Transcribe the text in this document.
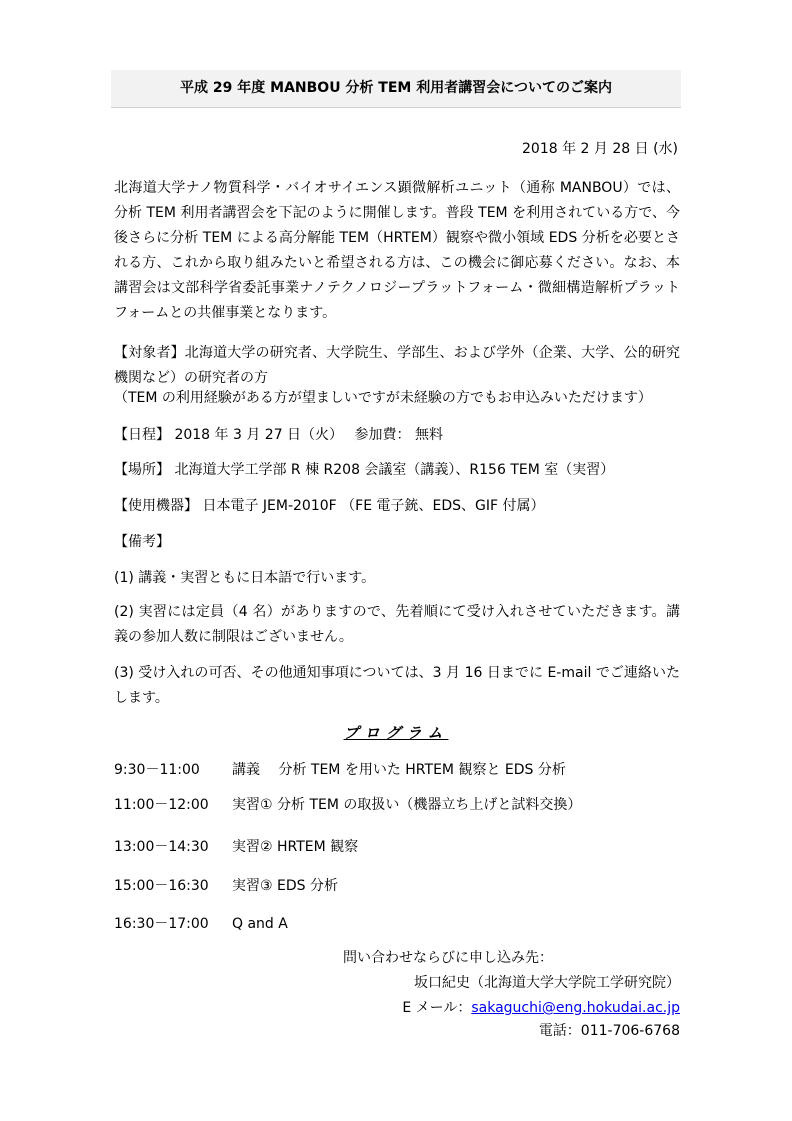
平成 29 年度 MANBOU 分析 TEM 利用者講習会についてのご案内
2018 年 2 月 28 日 (水)

北海道大学ナノ物質科学・バイオサイエンス顕微解析ユニット（通称 MANBOU）では、分析 TEM 利用者講習会を下記のように開催します。普段 TEM を利用されている方で、今後さらに分析 TEM による高分解能 TEM（HRTEM）観察や微小領域 EDS 分析を必要とされる方、これから取り組みたいと希望される方は、この機会に御応募ください。なお、本講習会は文部科学省委託事業ナノテクノロジープラットフォーム・微細構造解析プラットフォームとの共催事業となります。

【対象者】北海道大学の研究者、大学院生、学部生、および学外（企業、大学、公的研究機関など）の研究者の方

（TEM の利用経験がある方が望ましいですが未経験の方でもお申込みいただけます）
【日程】 2018 年 3 月 27 日（火）　 参加費： 無料
【場所】 北海道大学工学部 R 棟 R208 会議室（講義）、R156 TEM 室（実習）
【使用機器】 日本電子 JEM-2010F （FE 電子銃、EDS、GIF 付属）
【備考】
(1) 講義・実習ともに日本語で行います。

(2) 実習には定員（4 名）がありますので、先着順にて受け入れさせていただきます。講義の参加人数に制限はございません。

(3) 受け入れの可否、その他通知事項については、3 月 16 日までに E-mail でご連絡いたします。

プログラム
9:30－11:00 講義　 分析 TEM を用いた HRTEM 観察と EDS 分析
11:00－12:00 実習① 分析 TEM の取扱い（機器立ち上げと試料交換）
13:00－14:30 実習② HRTEM 観察
15:00－16:30 実習③ EDS 分析
16:30－17:00 Q and A
問い合わせならびに申し込み先：
坂口紀史（北海道大学大学院工学研究院）
E メール：sakaguchi@eng.hokudai.ac.jp
電話：011-706-6768
